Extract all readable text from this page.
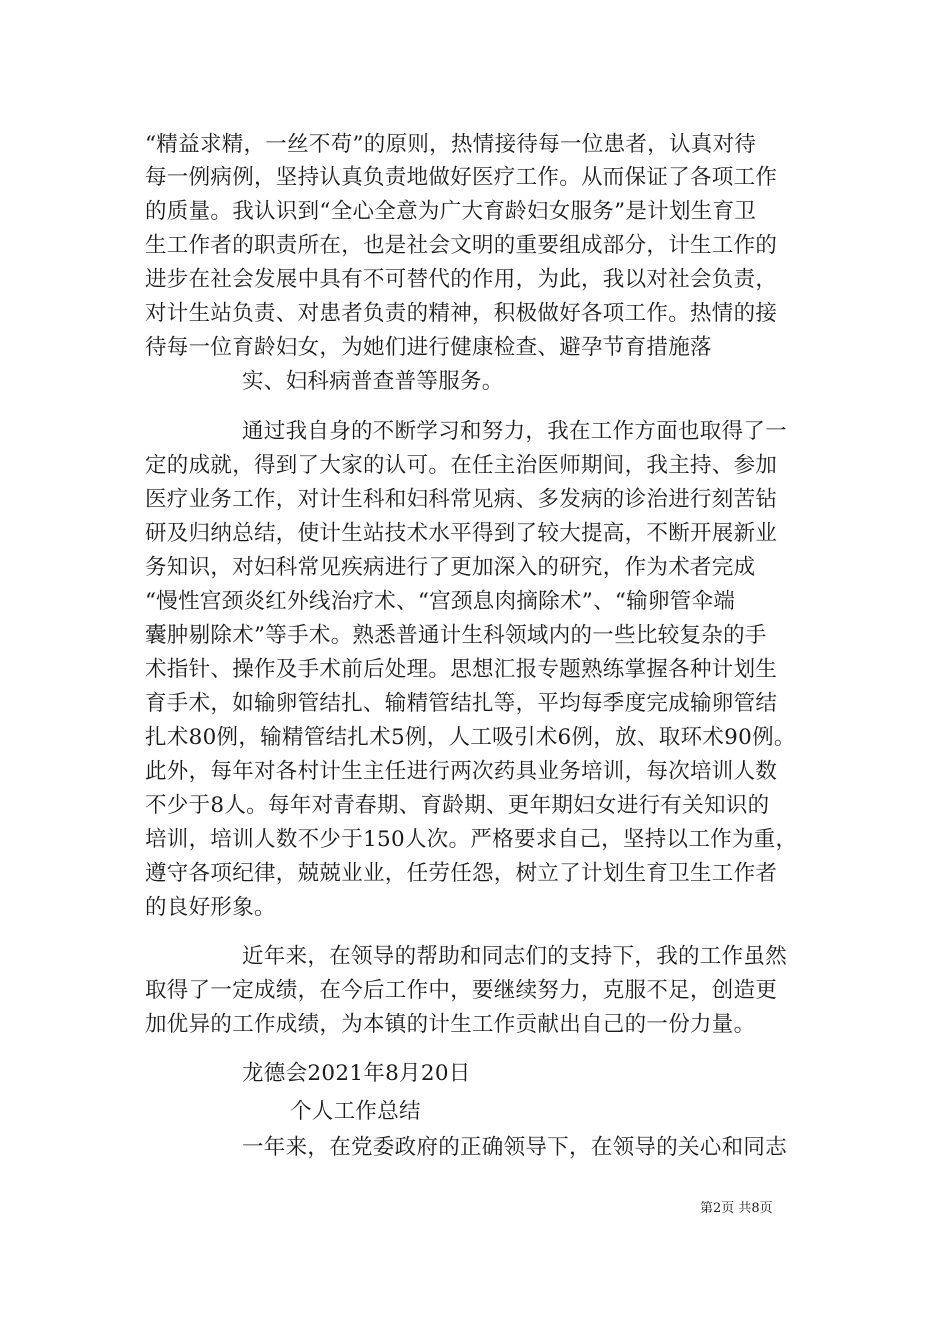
“精益求精，一丝不苟”的原则，热情接待每一位患者，认真对待
每一例病例，坚持认真负责地做好医疗工作。从而保证了各项工作
的质量。我认识到“全心全意为广大育龄妇女服务”是计划生育卫
生工作者的职责所在，也是社会文明的重要组成部分，计生工作的
进步在社会发展中具有不可替代的作用，为此，我以对社会负责，
对计生站负责、对患者负责的精神，积极做好各项工作。热情的接
待每一位育龄妇女，为她们进行健康检查、避孕节育措施落
实、妇科病普查普等服务。
通过我自身的不断学习和努力，我在工作方面也取得了一
定的成就，得到了大家的认可。在任主治医师期间，我主持、参加
医疗业务工作，对计生科和妇科常见病、多发病的诊治进行刻苦钻
研及归纳总结，使计生站技术水平得到了较大提高，不断开展新业
务知识，对妇科常见疾病进行了更加深入的研究，作为术者完成
“慢性宫颈炎红外线治疗术、“宫颈息肉摘除术”、“输卵管伞端
囊肿剔除术”等手术。熟悉普通计生科领域内的一些比较复杂的手
术指针、操作及手术前后处理。思想汇报专题熟练掌握各种计划生
育手术，如输卵管结扎、输精管结扎等，平均每季度完成输卵管结
扎术80例，输精管结扎术5例，人工吸引术6例，放、取环术90例。
此外，每年对各村计生主任进行两次药具业务培训，每次培训人数
不少于8人。每年对青春期、育龄期、更年期妇女进行有关知识的
培训，培训人数不少于150人次。严格要求自己，坚持以工作为重，
遵守各项纪律，兢兢业业，任劳任怨，树立了计划生育卫生工作者
的良好形象。
近年来，在领导的帮助和同志们的支持下，我的工作虽然
取得了一定成绩，在今后工作中，要继续努力，克服不足，创造更
加优异的工作成绩，为本镇的计生工作贡献出自己的一份力量。
龙德会2021年8月20日
个人工作总结
一年来，在党委政府的正确领导下，在领导的关心和同志
第2页 共8页
